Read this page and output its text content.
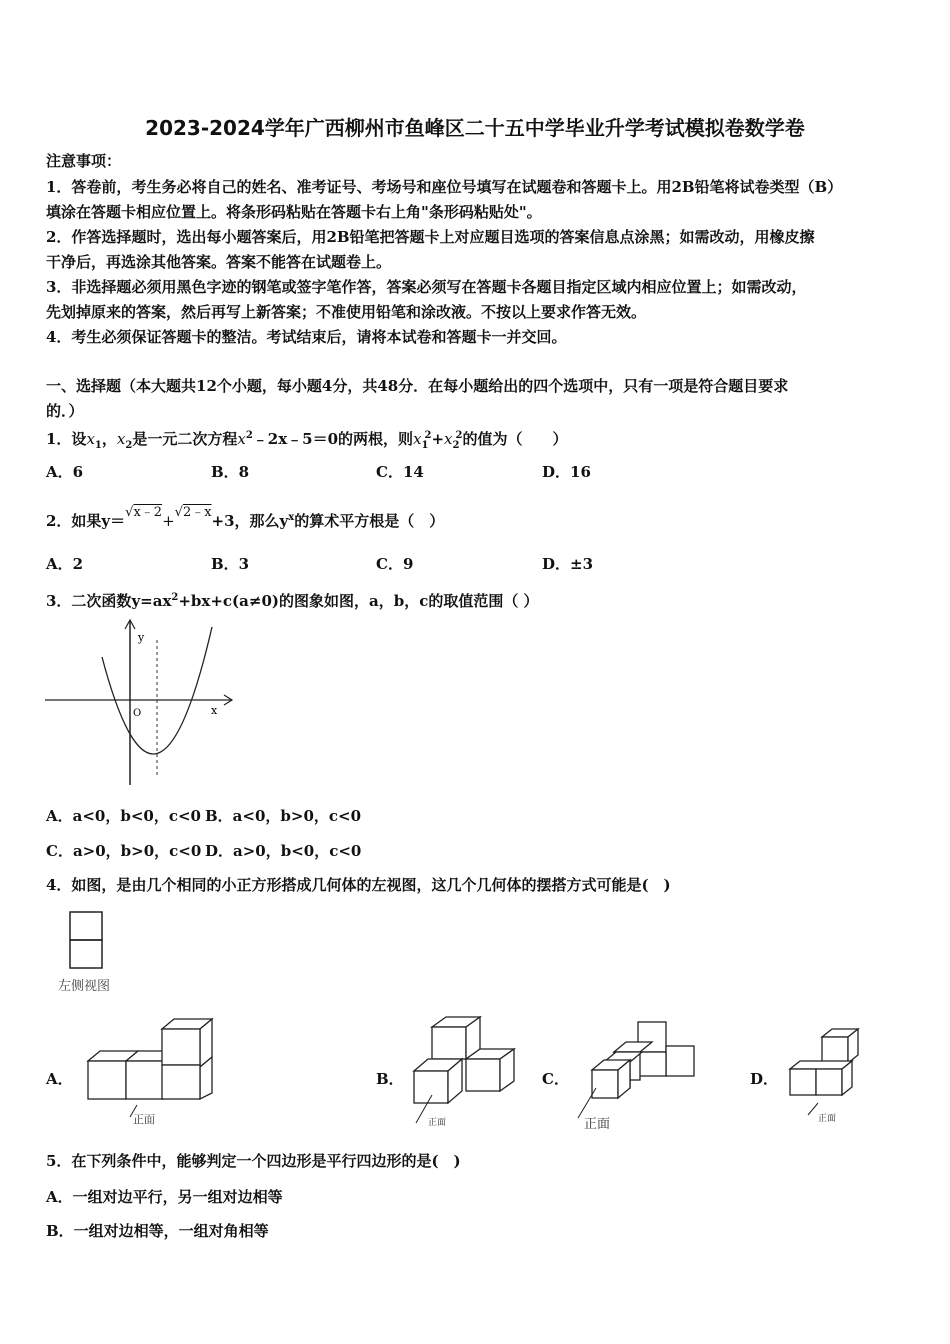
2023-2024学年广西柳州市鱼峰区二十五中学毕业升学考试模拟卷数学卷
注意事项：
1．答卷前，考生务必将自己的姓名、准考证号、考场号和座位号填写在试题卷和答题卡上。用2B铅笔将试卷类型（B）
填涂在答题卡相应位置上。将条形码粘贴在答题卡右上角"条形码粘贴处"。
2．作答选择题时，选出每小题答案后，用2B铅笔把答题卡上对应题目选项的答案信息点涂黑；如需改动，用橡皮擦
干净后，再选涂其他答案。答案不能答在试题卷上。
3．非选择题必须用黑色字迹的钢笔或签字笔作答，答案必须写在答题卡各题目指定区域内相应位置上；如需改动，
先划掉原来的答案，然后再写上新答案；不准使用铅笔和涂改液。不按以上要求作答无效。
4．考生必须保证答题卡的整洁。考试结束后，请将本试卷和答题卡一并交回。
一、选择题（本大题共12个小题，每小题4分，共48分．在每小题给出的四个选项中，只有一项是符合题目要求
的．）
1．设$x_1$，$x_2$是一元二次方程$x^2﹣2x﹣5=0$的两根，则$x_1^2+x_2^2$的值为（　　）
A．6	B．8	C．14	D．16
2．如果y＝√x﹣2+√2﹣x+3，那么$y^x$的算术平方根是（　）
A．2	B．3	C．9	D．±3
3．二次函数$y=ax^2+bx+c(a\ne 0)$的图象如图，a，b，c的取值范围（ ）
y
x
O
A．a<0，b<0，c<0 B．a<0，b>0，c<0
C．a>0，b>0，c<0 D．a>0，b<0，c<0
4．如图，是由几个相同的小正方形搭成几何体的左视图，这几个几何体的摆搭方式可能是(　)
左侧视图
A．
正面
B．
正面
C．
正面
D．
正面
5．在下列条件中，能够判定一个四边形是平行四边形的是(　)
A．一组对边平行，另一组对边相等
B．一组对边相等，一组对角相等
